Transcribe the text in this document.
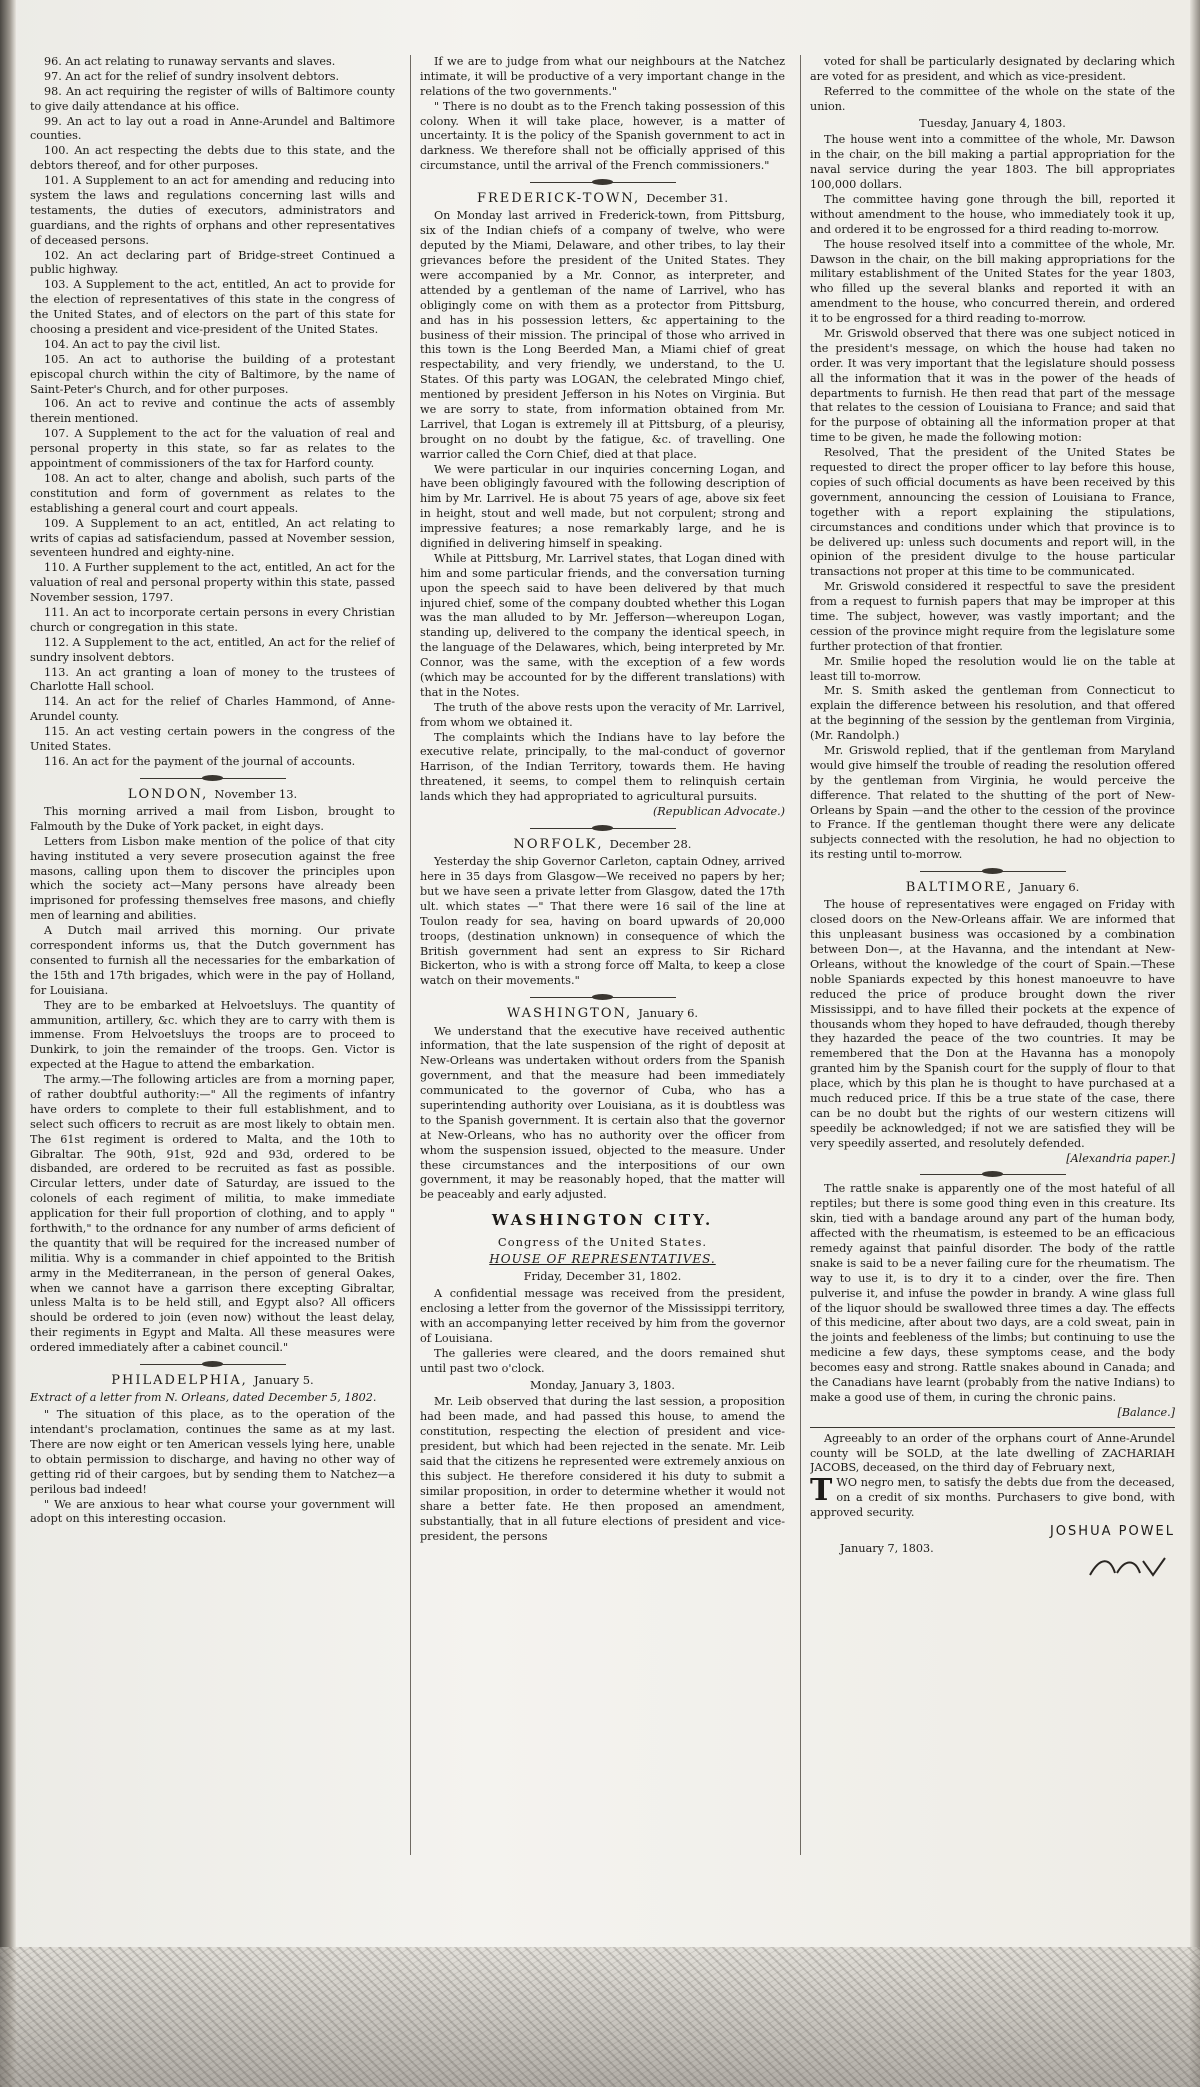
96. An act relating to runaway servants and slaves.

97. An act for the relief of sundry insolvent debtors.

98. An act requiring the register of wills of Baltimore county to give daily attendance at his office.

99. An act to lay out a road in Anne-Arundel and Baltimore counties.

100. An act respecting the debts due to this state, and the debtors thereof, and for other purposes.

101. A Supplement to an act for amending and reducing into system the laws and regulations concerning last wills and testaments, the duties of executors, administrators and guardians, and the rights of orphans and other representatives of deceased persons.

102. An act declaring part of Bridge-street Continued a public highway.

103. A Supplement to the act, entitled, An act to provide for the election of representatives of this state in the congress of the United States, and of electors on the part of this state for choosing a president and vice-president of the United States.

104. An act to pay the civil list.

105. An act to authorise the building of a protestant episcopal church within the city of Baltimore, by the name of Saint-Peter's Church, and for other purposes.

106. An act to revive and continue the acts of assembly therein mentioned.

107. A Supplement to the act for the valuation of real and personal property in this state, so far as relates to the appointment of commissioners of the tax for Harford county.

108. An act to alter, change and abolish, such parts of the constitution and form of government as relates to the establishing a general court and court appeals.

109. A Supplement to an act, entitled, An act relating to writs of capias ad satisfaciendum, passed at November session, seventeen hundred and eighty-nine.

110. A Further supplement to the act, entitled, An act for the valuation of real and personal property within this state, passed November session, 1797.

111. An act to incorporate certain persons in every Christian church or congregation in this state.

112. A Supplement to the act, entitled, An act for the relief of sundry insolvent debtors.

113. An act granting a loan of money to the trustees of Charlotte Hall school.

114. An act for the relief of Charles Hammond, of Anne-Arundel county.

115. An act vesting certain powers in the congress of the United States.

116. An act for the payment of the journal of accounts.

LONDON, November 13.

This morning arrived a mail from Lisbon, brought to Falmouth by the Duke of York packet, in eight days.

Letters from Lisbon make mention of the police of that city having instituted a very severe prosecution against the free masons, calling upon them to discover the principles upon which the society act—Many persons have already been imprisoned for professing themselves free masons, and chiefly men of learning and abilities.

A Dutch mail arrived this morning. Our private correspondent informs us, that the Dutch government has consented to furnish all the necessaries for the embarkation of the 15th and 17th brigades, which were in the pay of Holland, for Louisiana.

They are to be embarked at Helvoetsluys. The quantity of ammunition, artillery, &c. which they are to carry with them is immense. From Helvoetsluys the troops are to proceed to Dunkirk, to join the remainder of the troops. Gen. Victor is expected at the Hague to attend the embarkation.

The army.—The following articles are from a morning paper, of rather doubtful authority:—" All the regiments of infantry have orders to complete to their full establishment, and to select such officers to recruit as are most likely to obtain men. The 61st regiment is ordered to Malta, and the 10th to Gibraltar. The 90th, 91st, 92d and 93d, ordered to be disbanded, are ordered to be recruited as fast as possible. Circular letters, under date of Saturday, are issued to the colonels of each regiment of militia, to make immediate application for their full proportion of clothing, and to apply " forthwith," to the ordnance for any number of arms deficient of the quantity that will be required for the increased number of militia. Why is a commander in chief appointed to the British army in the Mediterranean, in the person of general Oakes, when we cannot have a garrison there excepting Gibraltar, unless Malta is to be held still, and Egypt also? All officers should be ordered to join (even now) without the least delay, their regiments in Egypt and Malta. All these measures were ordered immediately after a cabinet council."

PHILADELPHIA, January 5.

Extract of a letter from N. Orleans, dated December 5, 1802.

" The situation of this place, as to the operation of the intendant's proclamation, continues the same as at my last. There are now eight or ten American vessels lying here, unable to obtain permission to discharge, and having no other way of getting rid of their cargoes, but by sending them to Natchez—a perilous bad indeed!

" We are anxious to hear what course your government will adopt on this interesting occasion.

If we are to judge from what our neighbours at the Natchez intimate, it will be productive of a very important change in the relations of the two governments."

" There is no doubt as to the French taking possession of this colony. When it will take place, however, is a matter of uncertainty. It is the policy of the Spanish government to act in darkness. We therefore shall not be officially apprised of this circumstance, until the arrival of the French commissioners."

FREDERICK-TOWN, December 31.

On Monday last arrived in Frederick-town, from Pittsburg, six of the Indian chiefs of a company of twelve, who were deputed by the Miami, Delaware, and other tribes, to lay their grievances before the president of the United States. They were accompanied by a Mr. Connor, as interpreter, and attended by a gentleman of the name of Larrivel, who has obligingly come on with them as a protector from Pittsburg, and has in his possession letters, &c appertaining to the business of their mission. The principal of those who arrived in this town is the Long Beerded Man, a Miami chief of great respectability, and very friendly, we understand, to the U. States. Of this party was LOGAN, the celebrated Mingo chief, mentioned by president Jefferson in his Notes on Virginia. But we are sorry to state, from information obtained from Mr. Larrivel, that Logan is extremely ill at Pittsburg, of a pleurisy, brought on no doubt by the fatigue, &c. of travelling. One warrior called the Corn Chief, died at that place.

We were particular in our inquiries concerning Logan, and have been obligingly favoured with the following description of him by Mr. Larrivel. He is about 75 years of age, above six feet in height, stout and well made, but not corpulent; strong and impressive features; a nose remarkably large, and he is dignified in delivering himself in speaking.

While at Pittsburg, Mr. Larrivel states, that Logan dined with him and some particular friends, and the conversation turning upon the speech said to have been delivered by that much injured chief, some of the company doubted whether this Logan was the man alluded to by Mr. Jefferson—whereupon Logan, standing up, delivered to the company the identical speech, in the language of the Delawares, which, being interpreted by Mr. Connor, was the same, with the exception of a few words (which may be accounted for by the different translations) with that in the Notes.

The truth of the above rests upon the veracity of Mr. Larrivel, from whom we obtained it.

The complaints which the Indians have to lay before the executive relate, principally, to the mal-conduct of governor Harrison, of the Indian Territory, towards them. He having threatened, it seems, to compel them to relinquish certain lands which they had appropriated to agricultural pursuits.

(Republican Advocate.)

NORFOLK, December 28.

Yesterday the ship Governor Carleton, captain Odney, arrived here in 35 days from Glasgow—We received no papers by her; but we have seen a private letter from Glasgow, dated the 17th ult. which states —" That there were 16 sail of the line at Toulon ready for sea, having on board upwards of 20,000 troops, (destination unknown) in consequence of which the British government had sent an express to Sir Richard Bickerton, who is with a strong force off Malta, to keep a close watch on their movements."

WASHINGTON, January 6.

We understand that the executive have received authentic information, that the late suspension of the right of deposit at New-Orleans was undertaken without orders from the Spanish government, and that the measure had been immediately communicated to the governor of Cuba, who has a superintending authority over Louisiana, as it is doubtless was to the Spanish government. It is certain also that the governor at New-Orleans, who has no authority over the officer from whom the suspension issued, objected to the measure. Under these circumstances and the interpositions of our own government, it may be reasonably hoped, that the matter will be peaceably and early adjusted.

WASHINGTON CITY.
Congress of the United States.
HOUSE OF REPRESENTATIVES.

Friday, December 31, 1802.

A confidential message was received from the president, enclosing a letter from the governor of the Mississippi territory, with an accompanying letter received by him from the governor of Louisiana.

The galleries were cleared, and the doors remained shut until past two o'clock.

Monday, January 3, 1803.

Mr. Leib observed that during the last session, a proposition had been made, and had passed this house, to amend the constitution, respecting the election of president and vice-president, but which had been rejected in the senate. Mr. Leib said that the citizens he represented were extremely anxious on this subject. He therefore considered it his duty to submit a similar proposition, in order to determine whether it would not share a better fate. He then proposed an amendment, substantially, that in all future elections of president and vice-president, the persons

voted for shall be particularly designated by declaring which are voted for as president, and which as vice-president.

Referred to the committee of the whole on the state of the union.

Tuesday, January 4, 1803.

The house went into a committee of the whole, Mr. Dawson in the chair, on the bill making a partial appropriation for the naval service during the year 1803. The bill appropriates 100,000 dollars.

The committee having gone through the bill, reported it without amendment to the house, who immediately took it up, and ordered it to be engrossed for a third reading to-morrow.

The house resolved itself into a committee of the whole, Mr. Dawson in the chair, on the bill making appropriations for the military establishment of the United States for the year 1803, who filled up the several blanks and reported it with an amendment to the house, who concurred therein, and ordered it to be engrossed for a third reading to-morrow.

Mr. Griswold observed that there was one subject noticed in the president's message, on which the house had taken no order. It was very important that the legislature should possess all the information that it was in the power of the heads of departments to furnish. He then read that part of the message that relates to the cession of Louisiana to France; and said that for the purpose of obtaining all the information proper at that time to be given, he made the following motion:

Resolved, That the president of the United States be requested to direct the proper officer to lay before this house, copies of such official documents as have been received by this government, announcing the cession of Louisiana to France, together with a report explaining the stipulations, circumstances and conditions under which that province is to be delivered up: unless such documents and report will, in the opinion of the president divulge to the house particular transactions not proper at this time to be communicated.

Mr. Griswold considered it respectful to save the president from a request to furnish papers that may be improper at this time. The subject, however, was vastly important; and the cession of the province might require from the legislature some further protection of that frontier.

Mr. Smilie hoped the resolution would lie on the table at least till to-morrow.

Mr. S. Smith asked the gentleman from Connecticut to explain the difference between his resolution, and that offered at the beginning of the session by the gentleman from Virginia, (Mr. Randolph.)

Mr. Griswold replied, that if the gentleman from Maryland would give himself the trouble of reading the resolution offered by the gentleman from Virginia, he would perceive the difference. That related to the shutting of the port of New-Orleans by Spain —and the other to the cession of the province to France. If the gentleman thought there were any delicate subjects connected with the resolution, he had no objection to its resting until to-morrow.

BALTIMORE, January 6.

The house of representatives were engaged on Friday with closed doors on the New-Orleans affair. We are informed that this unpleasant business was occasioned by a combination between Don—, at the Havanna, and the intendant at New-Orleans, without the knowledge of the court of Spain.—These noble Spaniards expected by this honest manoeuvre to have reduced the price of produce brought down the river Mississippi, and to have filled their pockets at the expence of thousands whom they hoped to have defrauded, though thereby they hazarded the peace of the two countries. It may be remembered that the Don at the Havanna has a monopoly granted him by the Spanish court for the supply of flour to that place, which by this plan he is thought to have purchased at a much reduced price. If this be a true state of the case, there can be no doubt but the rights of our western citizens will speedily be acknowledged; if not we are satisfied they will be very speedily asserted, and resolutely defended.

[Alexandria paper.]

The rattle snake is apparently one of the most hateful of all reptiles; but there is some good thing even in this creature. Its skin, tied with a bandage around any part of the human body, affected with the rheumatism, is esteemed to be an efficacious remedy against that painful disorder. The body of the rattle snake is said to be a never failing cure for the rheumatism. The way to use it, is to dry it to a cinder, over the fire. Then pulverise it, and infuse the powder in brandy. A wine glass full of the liquor should be swallowed three times a day. The effects of this medicine, after about two days, are a cold sweat, pain in the joints and feebleness of the limbs; but continuing to use the medicine a few days, these symptoms cease, and the body becomes easy and strong. Rattle snakes abound in Canada; and the Canadians have learnt (probably from the native Indians) to make a good use of them, in curing the chronic pains.

[Balance.]

Agreeably to an order of the orphans court of Anne-Arundel county will be SOLD, at the late dwelling of ZACHARIAH JACOBS, deceased, on the third day of February next,

TWO negro men, to satisfy the debts due from the deceased, on a credit of six months. Purchasers to give bond, with approved security.

JOSHUA POWEL

January 7, 1803.
